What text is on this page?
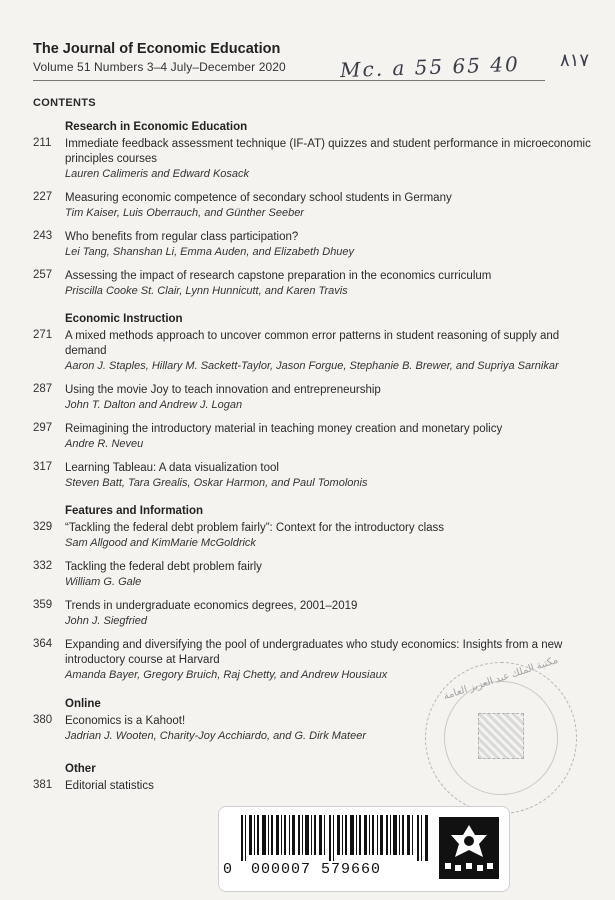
The Journal of Economic Education
Volume 51 Numbers 3–4 July–December 2020	Mc. a 55 65 40 ٨١٧
CONTENTS
Research in Economic Education
211	Immediate feedback assessment technique (IF-AT) quizzes and student performance in microeconomic principles courses
Lauren Calimeris and Edward Kosack
227	Measuring economic competence of secondary school students in Germany
Tim Kaiser, Luis Oberrauch, and Günther Seeber
243	Who benefits from regular class participation?
Lei Tang, Shanshan Li, Emma Auden, and Elizabeth Dhuey
257	Assessing the impact of research capstone preparation in the economics curriculum
Priscilla Cooke St. Clair, Lynn Hunnicutt, and Karen Travis
Economic Instruction
271	A mixed methods approach to uncover common error patterns in student reasoning of supply and demand
Aaron J. Staples, Hillary M. Sackett-Taylor, Jason Forgue, Stephanie B. Brewer, and Supriya Sarnikar
287	Using the movie Joy to teach innovation and entrepreneurship
John T. Dalton and Andrew J. Logan
297	Reimagining the introductory material in teaching money creation and monetary policy
Andre R. Neveu
317	Learning Tableau: A data visualization tool
Steven Batt, Tara Grealis, Oskar Harmon, and Paul Tomolonis
Features and Information
329	“Tackling the federal debt problem fairly”: Context for the introductory class
Sam Allgood and KimMarie McGoldrick
332	Tackling the federal debt problem fairly
William G. Gale
359	Trends in undergraduate economics degrees, 2001–2019
John J. Siegfried
364	Expanding and diversifying the pool of undergraduates who study economics: Insights from a new introductory course at Harvard
Amanda Bayer, Gregory Bruich, Raj Chetty, and Andrew Housiaux
Online
380	Economics is a Kahoot!
Jadrian J. Wooten, Charity-Joy Acchiardo, and G. Dirk Mateer
Other
381	Editorial statistics
مكتبة الملك عبد العزيز العامة
0 000007 579660
